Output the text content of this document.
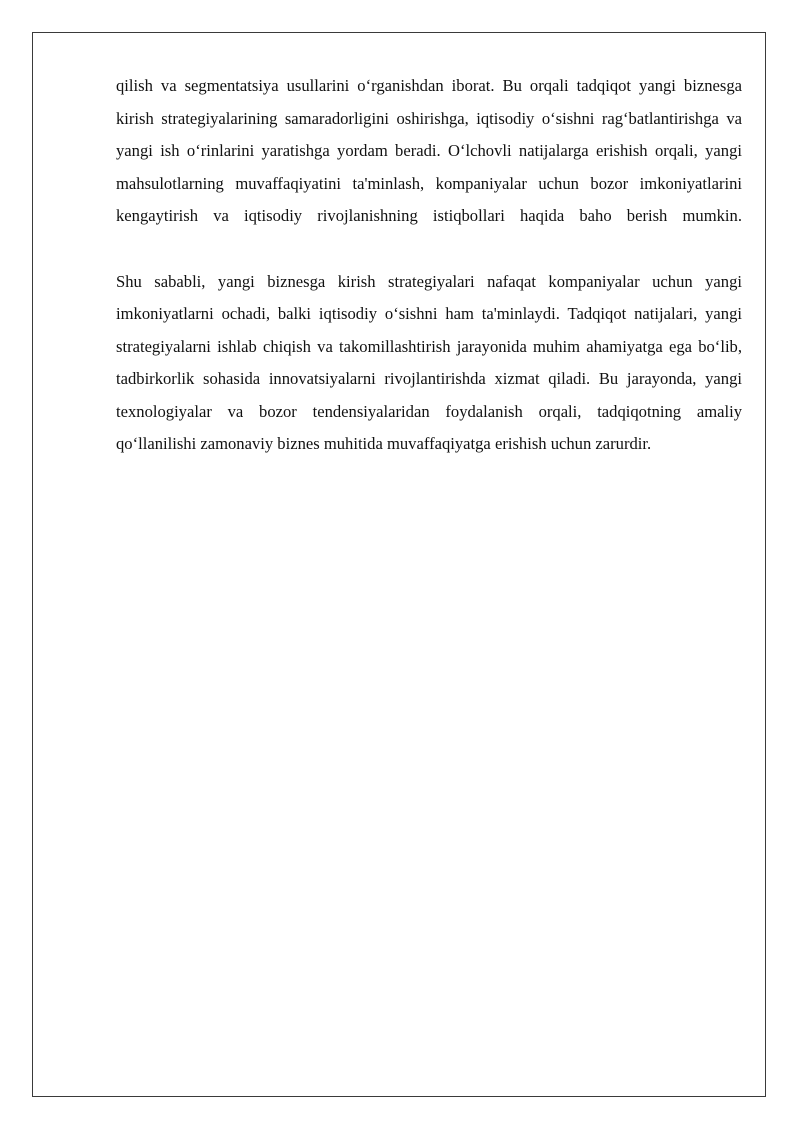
qilish va segmentatsiya usullarini o‘rganishdan iborat. Bu orqali tadqiqot yangi biznesga kirish strategiyalarining samaradorligini oshirishga, iqtisodiy o‘sishni rag‘batlantirishga va yangi ish o‘rinlarini yaratishga yordam beradi. O‘lchovli natijalarga erishish orqali, yangi mahsulotlarning muvaffaqiyatini ta'minlash, kompaniyalar uchun bozor imkoniyatlarini kengaytirish va iqtisodiy rivojlanishning istiqbollari haqida baho berish mumkin.

Shu sababli, yangi biznesga kirish strategiyalari nafaqat kompaniyalar uchun yangi imkoniyatlarni ochadi, balki iqtisodiy o‘sishni ham ta'minlaydi. Tadqiqot natijalari, yangi strategiyalarni ishlab chiqish va takomillashtirish jarayonida muhim ahamiyatga ega bo‘lib, tadbirkorlik sohasida innovatsiyalarni rivojlantirishda xizmat qiladi. Bu jarayonda, yangi texnologiyalar va bozor tendensiyalaridan foydalanish orqali, tadqiqotning amaliy qo‘llanilishi zamonaviy biznes muhitida muvaffaqiyatga erishish uchun zarurdir.
